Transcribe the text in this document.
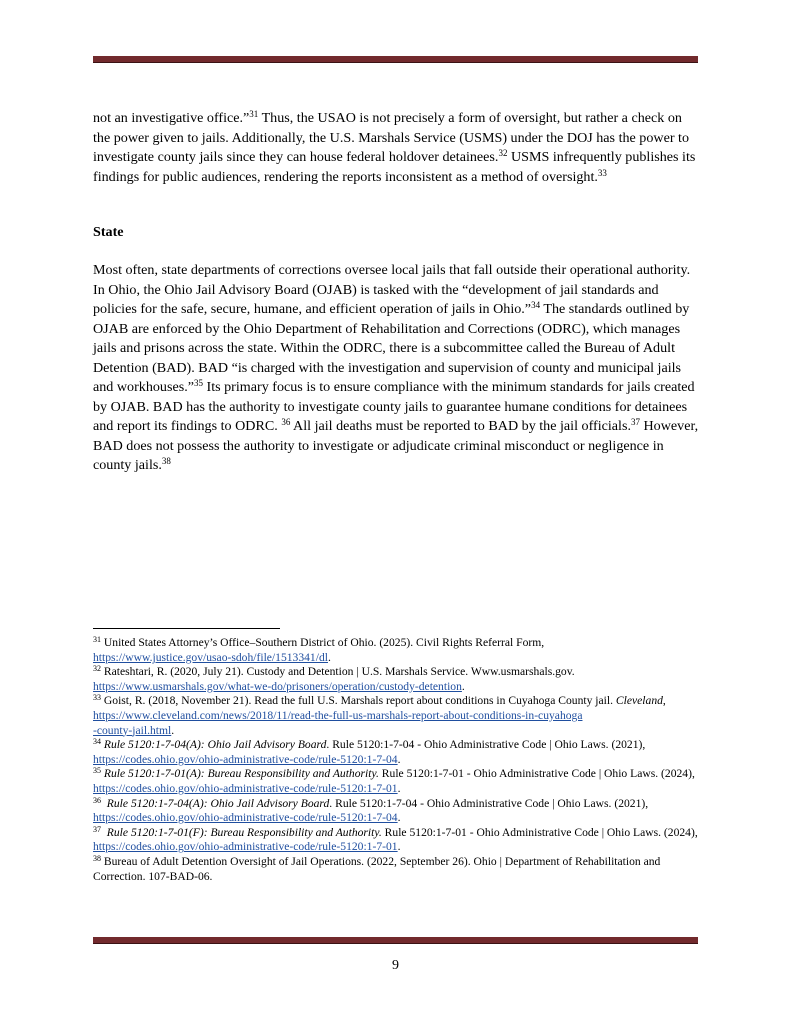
not an investigative office.”$^{31}$ Thus, the USAO is not precisely a form of oversight, but rather a check on the power given to jails. Additionally, the U.S. Marshals Service (USMS) under the DOJ has the power to investigate county jails since they can house federal holdover detainees.$^{32}$ USMS infrequently publishes its findings for public audiences, rendering the reports inconsistent as a method of oversight.$^{33}$

State

Most often, state departments of corrections oversee local jails that fall outside their operational authority. In Ohio, the Ohio Jail Advisory Board (OJAB) is tasked with the “development of jail standards and policies for the safe, secure, humane, and efficient operation of jails in Ohio.”$^{34}$ The standards outlined by OJAB are enforced by the Ohio Department of Rehabilitation and Corrections (ODRC), which manages jails and prisons across the state. Within the ODRC, there is a subcommittee called the Bureau of Adult Detention (BAD). BAD “is charged with the investigation and supervision of county and municipal jails and workhouses.”$^{35}$ Its primary focus is to ensure compliance with the minimum standards for jails created by OJAB. BAD has the authority to investigate county jails to guarantee humane conditions for detainees and report its findings to ODRC. $^{36}$ All jail deaths must be reported to BAD by the jail officials.$^{37}$ However, BAD does not possess the authority to investigate or adjudicate criminal misconduct or negligence in county jails.$^{38}$

$^{31}$ United States Attorney’s Office–Southern District of Ohio. (2025). Civil Rights Referral Form,
https://www.justice.gov/usao-sdoh/file/1513341/dl.

$^{32}$ Rateshtari, R. (2020, July 21). Custody and Detention | U.S. Marshals Service. Www.usmarshals.gov.
https://www.usmarshals.gov/what-we-do/prisoners/operation/custody-detention.

$^{33}$ Goist, R. (2018, November 21). Read the full U.S. Marshals report about conditions in Cuyahoga County jail. Cleveland, https://www.cleveland.com/news/2018/11/read-the-full-us-marshals-report-about-conditions-in-cuyahoga
-county-jail.html.

$^{34}$ Rule 5120:1-7-04(A): Ohio Jail Advisory Board. Rule 5120:1-7-04 - Ohio Administrative Code | Ohio Laws. (2021), https://codes.ohio.gov/ohio-administrative-code/rule-5120:1-7-04.

$^{35}$ Rule 5120:1-7-01(A): Bureau Responsibility and Authority. Rule 5120:1-7-01 - Ohio Administrative Code | Ohio Laws. (2024), https://codes.ohio.gov/ohio-administrative-code/rule-5120:1-7-01.

$^{36}$ Rule 5120:1-7-04(A): Ohio Jail Advisory Board. Rule 5120:1-7-04 - Ohio Administrative Code | Ohio Laws. (2021), https://codes.ohio.gov/ohio-administrative-code/rule-5120:1-7-04.

$^{37}$ Rule 5120:1-7-01(F): Bureau Responsibility and Authority. Rule 5120:1-7-01 - Ohio Administrative Code | Ohio Laws. (2024), https://codes.ohio.gov/ohio-administrative-code/rule-5120:1-7-01.

$^{38}$ Bureau of Adult Detention Oversight of Jail Operations. (2022, September 26). Ohio | Department of Rehabilitation and Correction. 107-BAD-06.

9
